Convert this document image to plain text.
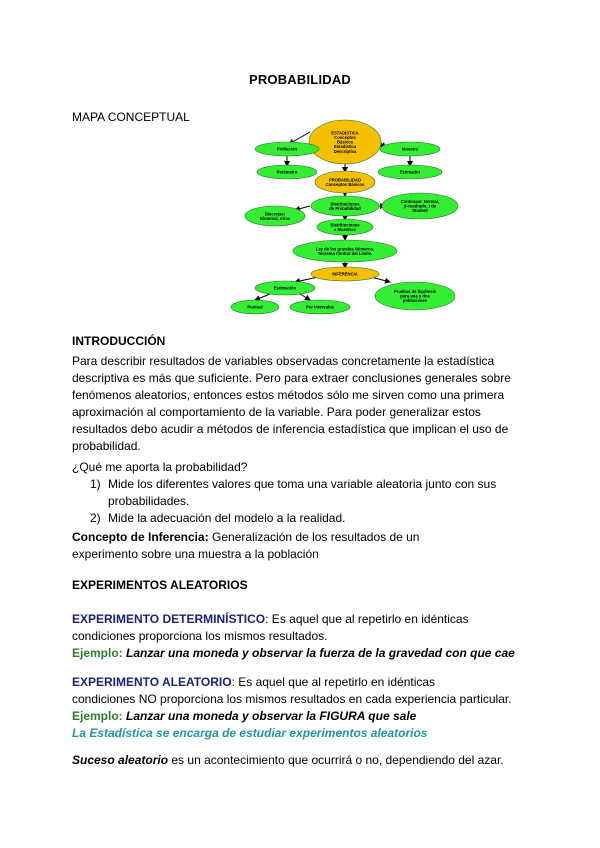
PROBABILIDAD
MAPA CONCEPTUAL
ESTADÍSTICA
Conceptos
Básicos
Estadística
Descriptiva
Población	Muestra
Parámetro	Estimador
PROBABILIDAD
Conceptos Básicos
Distribuciones
de Probabilidad
Discretas:
Binomial, otras
Continuas: Normal,
ji-cuadrado, t de
Student
Distribuciones
a Muestras
Ley de los grandes Números,
Teorema Central del Límite.
INFERENCIA
Estimación
Puntual	Por intervalos
Pruebas de hipótesis
para una y dos
poblaciones
INTRODUCCIÓN
Para describir resultados de variables observadas concretamente la estadística
descriptiva es más que suficiente. Pero para extraer conclusiones generales sobre
fenómenos aleatorios, entonces estos métodos sólo me sirven como una primera
aproximación al comportamiento de la variable. Para poder generalizar estos
resultados debo acudir a métodos de inferencia estadística que implican el uso de
probabilidad.
¿Qué me aporta la probabilidad?
1) Mide los diferentes valores que toma una variable aleatoria junto con sus
probabilidades.
2) Mide la adecuación del modelo a la realidad.
Concepto de Inferencia: Generalización de los resultados de un
experimento sobre una muestra a la población
EXPERIMENTOS ALEATORIOS
EXPERIMENTO DETERMINÍSTICO: Es aquel que al repetirlo en idénticas
condiciones proporciona los mismos resultados.
Ejemplo: Lanzar una moneda y observar la fuerza de la gravedad con que cae
EXPERIMENTO ALEATORIO: Es aquel que al repetirlo en idénticas
condiciones NO proporciona los mismos resultados en cada experiencia particular.
Ejemplo: Lanzar una moneda y observar la FIGURA que sale
La Estadística se encarga de estudiar experimentos aleatorios
Suceso aleatorio es un acontecimiento que ocurrirá o no, dependiendo del azar.
